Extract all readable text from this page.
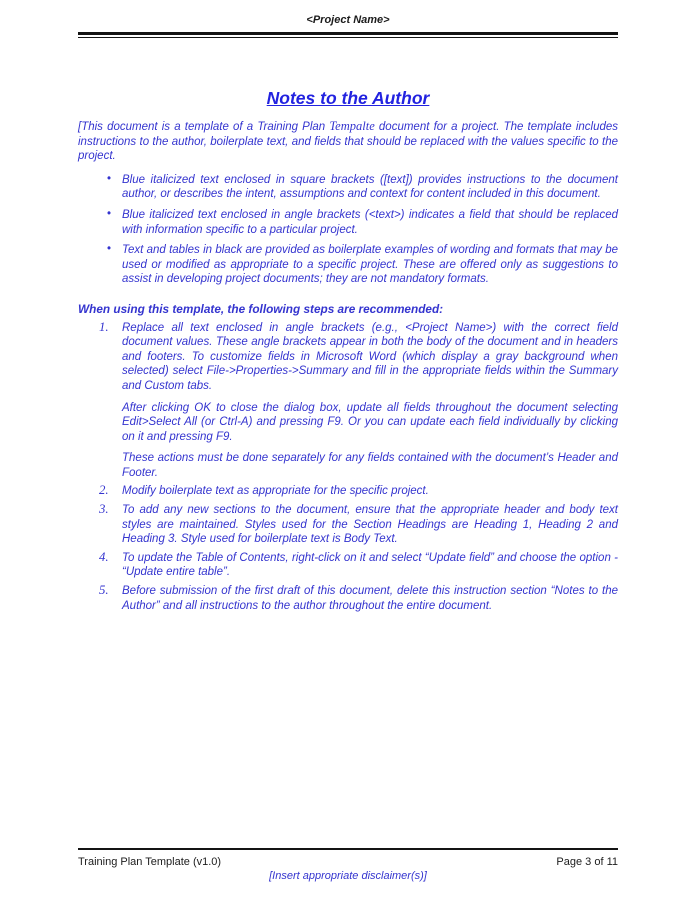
<Project Name>
Notes to the Author

[This document is a template of a Training Plan Tempalte document for a project. The template includes instructions to the author, boilerplate text, and fields that should be replaced with the values specific to the project.

• Blue italicized text enclosed in square brackets ([text]) provides instructions to the document author, or describes the intent, assumptions and context for content included in this document.

• Blue italicized text enclosed in angle brackets (<text>) indicates a field that should be replaced with information specific to a particular project.

• Text and tables in black are provided as boilerplate examples of wording and formats that may be used or modified as appropriate to a specific project. These are offered only as suggestions to assist in developing project documents; they are not mandatory formats.

When using this template, the following steps are recommended:
1.	Replace all text enclosed in angle brackets (e.g., <Project Name>) with the correct field document values. These angle brackets appear in both the body of the document and in headers and footers. To customize fields in Microsoft Word (which display a gray background when selected) select File->Properties->Summary and fill in the appropriate fields within the Summary and Custom tabs.

After clicking OK to close the dialog box, update all fields throughout the document selecting Edit>Select All (or Ctrl-A) and pressing F9. Or you can update each field individually by clicking on it and pressing F9.

These actions must be done separately for any fields contained with the document’s Header and Footer.

2.	Modify boilerplate text as appropriate for the specific project.

3.	To add any new sections to the document, ensure that the appropriate header and body text styles are maintained. Styles used for the Section Headings are Heading 1, Heading 2 and Heading 3. Style used for boilerplate text is Body Text.

4.	To update the Table of Contents, right-click on it and select “Update field” and choose the option - “Update entire table”.

5.	Before submission of the first draft of this document, delete this instruction section “Notes to the Author” and all instructions to the author throughout the entire document.

Training Plan Template (v1.0)	Page 3 of 11
[Insert appropriate disclaimer(s)]
